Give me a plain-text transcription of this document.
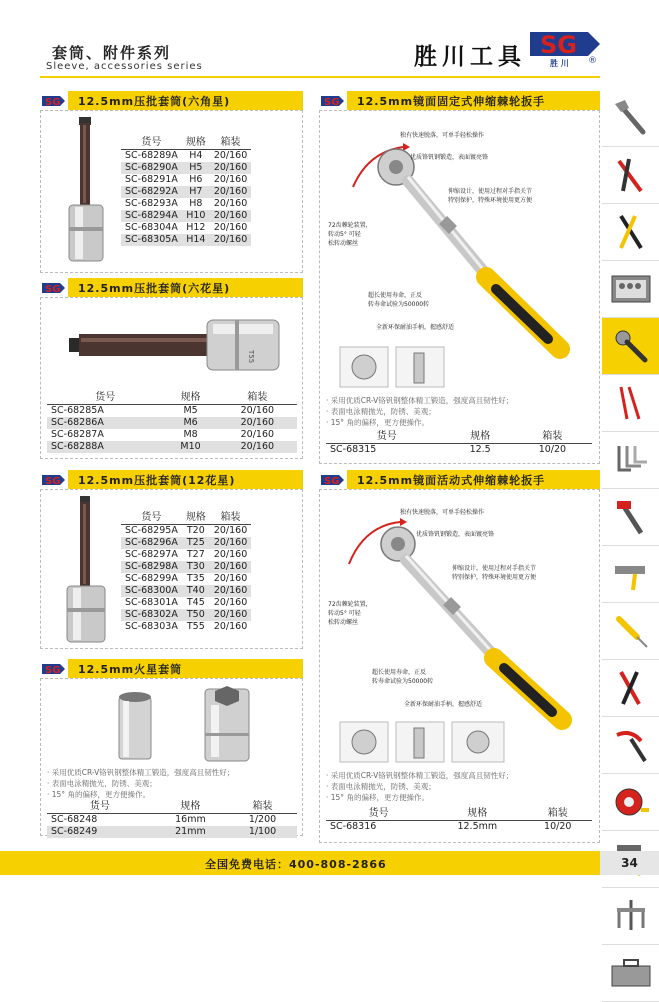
套筒、附件系列
Sleeve, accessories series	胜川工具 SG
胜 川 ®
SG 12.5mm压批套筒(六角星)
货号	规格	箱装
SC-68289A	H4	20/160
SC-68290A	H5	20/160
SC-68291A	H6	20/160
SC-68292A	H7	20/160
SC-68293A	H8	20/160
SC-68294A	H10	20/160
SC-68304A	H12	20/160
SC-68305A	H14	20/160
SG 12.5mm压批套筒(六花星)
T55
货号	规格	箱装
SC-68285A	M5	20/160
SC-68286A	M6	20/160
SC-68287A	M8	20/160
SC-68288A	M10	20/160
SG 12.5mm压批套筒(12花星)
货号	规格	箱装
SC-68295A	T20	20/160
SC-68296A	T25	20/160
SC-68297A	T27	20/160
SC-68298A	T30	20/160
SC-68299A	T35	20/160
SC-68300A	T40	20/160
SC-68301A	T45	20/160
SC-68302A	T50	20/160
SC-68303A	T55	20/160
SG 12.5mm火星套筒
· 采用优质CR-V铬钒钢整体精工锻造，强度高且韧性好；
· 表面电泳精抛光，防锈、美观；
· 15° 角的偏移，更方便操作。
货号	规格	箱装
SC-68248	16mm	1/200
SC-68249	21mm	1/100
SG 12.5mm镜面固定式伸缩棘轮扳手
独有快速脱落，可单手轻松操作
优质铬钒钢锻造，表面镀亮铬
伸缩设计，使用过程对手指关节
特别保护，特殊环境使用更方便
72齿棘轮装置，
转动5° 可轻
松转动螺丝
超长使用寿命，正反
转寿命试验为50000转
全新环保耐油手柄，握感舒适
· 采用优质CR-V铬钒钢整体精工锻造，强度高且韧性好；
· 表面电泳精抛光，防锈、美观；
· 15° 角的偏移，更方便操作。
货号	规格	箱装
SC-68315	12.5	10/20
SG 12.5mm镜面活动式伸缩棘轮扳手
独有快速脱落，可单手轻松操作
优质铬钒钢锻造，表面镀亮铬
伸缩设计，使用过程对手指关节
特别保护，特殊环境使用更方便
72齿棘轮装置，
转动5° 可轻
松转动螺丝
超长使用寿命，正反
转寿命试验为50000转
全新环保耐油手柄，握感舒适
· 采用优质CR-V铬钒钢整体精工锻造，强度高且韧性好；
· 表面电泳精抛光，防锈、美观；
· 15° 角的偏移，更方便操作。
货号	规格	箱装
SC-68316	12.5mm	10/20
全国免费电话：400-808-2866	34
